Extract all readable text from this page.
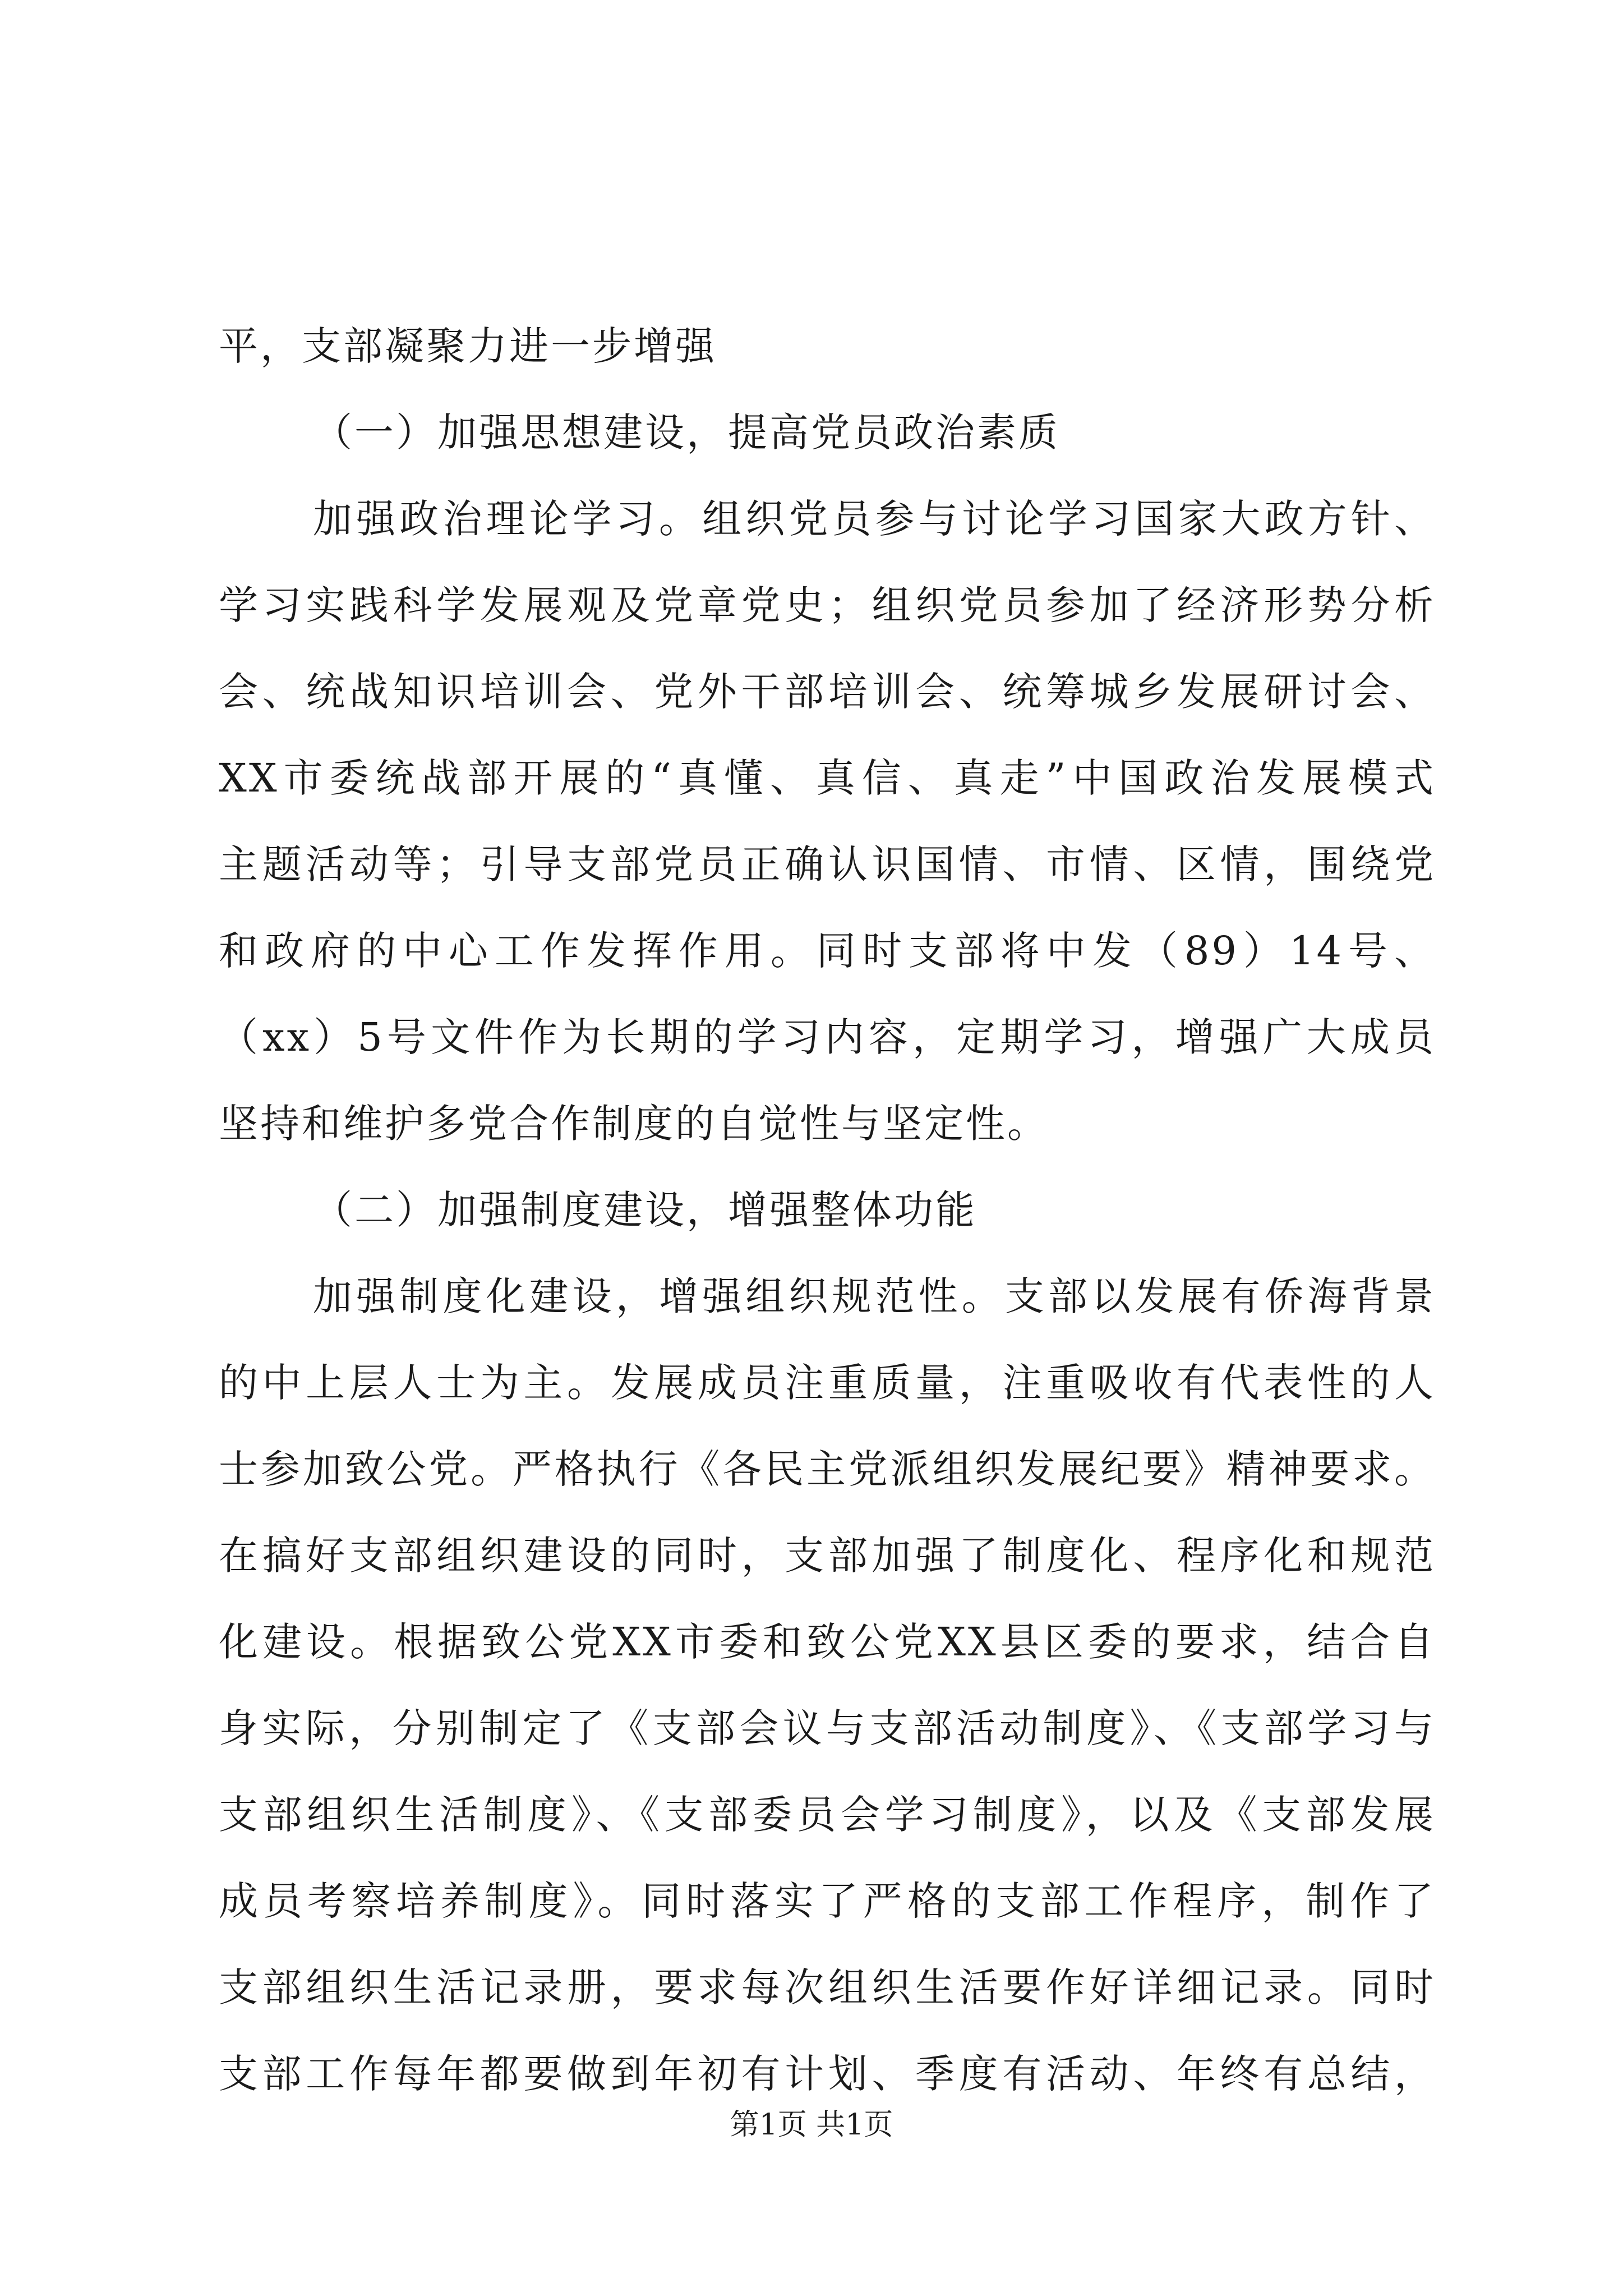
平，支部凝聚力进一步增强
（一）加强思想建设，提高党员政治素质
加强政治理论学习。组织党员参与讨论学习国家大政方针、
学习实践科学发展观及党章党史；组织党员参加了经济形势分析
会、统战知识培训会、党外干部培训会、统筹城乡发展研讨会、
XX市委统战部开展的“真懂、真信、真走”中国政治发展模式
主题活动等；引导支部党员正确认识国情、市情、区情，围绕党
和政府的中心工作发挥作用。同时支部将中发（89）14号、
（xx）5号文件作为长期的学习内容，定期学习，增强广大成员
坚持和维护多党合作制度的自觉性与坚定性。
（二）加强制度建设，增强整体功能
加强制度化建设，增强组织规范性。支部以发展有侨海背景
的中上层人士为主。发展成员注重质量，注重吸收有代表性的人
士参加致公党。严格执行《各民主党派组织发展纪要》精神要求。
在搞好支部组织建设的同时，支部加强了制度化、程序化和规范
化建设。根据致公党XX市委和致公党XX县区委的要求，结合自
身实际，分别制定了《支部会议与支部活动制度》、《支部学习与
支部组织生活制度》、《支部委员会学习制度》，以及《支部发展
成员考察培养制度》。同时落实了严格的支部工作程序，制作了
支部组织生活记录册，要求每次组织生活要作好详细记录。同时
支部工作每年都要做到年初有计划、季度有活动、年终有总结，
第1页 共1页
